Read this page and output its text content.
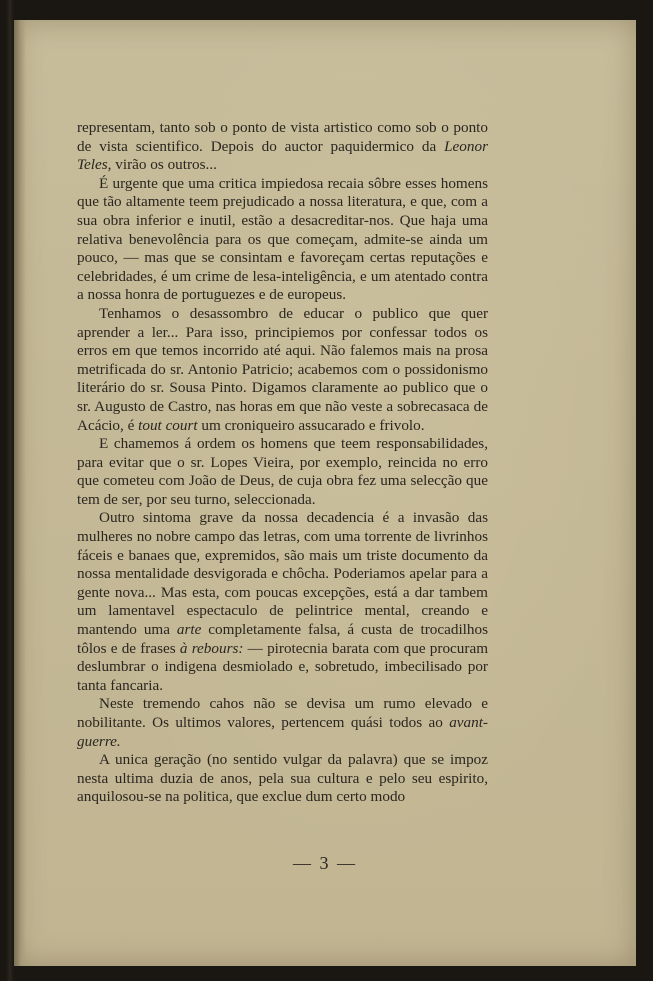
representam, tanto sob o ponto de vista artistico como sob o ponto de vista scientifico. Depois do auctor paquidermico da Leonor Teles, virão os outros...

É urgente que uma critica impiedosa recaia sôbre esses homens que tão altamente teem prejudicado a nossa literatura, e que, com a sua obra inferior e inutil, estão a desacreditar-nos. Que haja uma relativa benevolência para os que começam, admite-se ainda um pouco, — mas que se consintam e favoreçam certas reputações e celebridades, é um crime de lesa-inteligência, e um atentado contra a nossa honra de portuguezes e de europeus.

Tenhamos o desassombro de educar o publico que quer aprender a ler... Para isso, principiemos por confessar todos os erros em que temos incorrido até aqui. Não falemos mais na prosa metrificada do sr. Antonio Patricio; acabemos com o possidonismo literário do sr. Sousa Pinto. Digamos claramente ao publico que o sr. Augusto de Castro, nas horas em que não veste a sobrecasaca de Acácio, é tout court um croniqueiro assucarado e frivolo.

E chamemos á ordem os homens que teem responsabilidades, para evitar que o sr. Lopes Vieira, por exemplo, reincida no erro que cometeu com João de Deus, de cuja obra fez uma selecção que tem de ser, por seu turno, seleccionada.

Outro sintoma grave da nossa decadencia é a invasão das mulheres no nobre campo das letras, com uma torrente de livrinhos fáceis e banaes que, expremidos, são mais um triste documento da nossa mentalidade desvigorada e chôcha. Poderiamos apelar para a gente nova... Mas esta, com poucas excepções, está a dar tambem um lamentavel espectaculo de pelintrice mental, creando e mantendo uma arte completamente falsa, á custa de trocadilhos tôlos e de frases à rebours: — pirotecnia barata com que procuram deslumbrar o indigena desmiolado e, sobretudo, imbecilisado por tanta fancaria.

Neste tremendo cahos não se devisa um rumo elevado e nobilitante. Os ultimos valores, pertencem quási todos ao avant-guerre.

A unica geração (no sentido vulgar da palavra) que se impoz nesta ultima duzia de anos, pela sua cultura e pelo seu espirito, anquilosou-se na politica, que exclue dum certo modo

— 3 —
